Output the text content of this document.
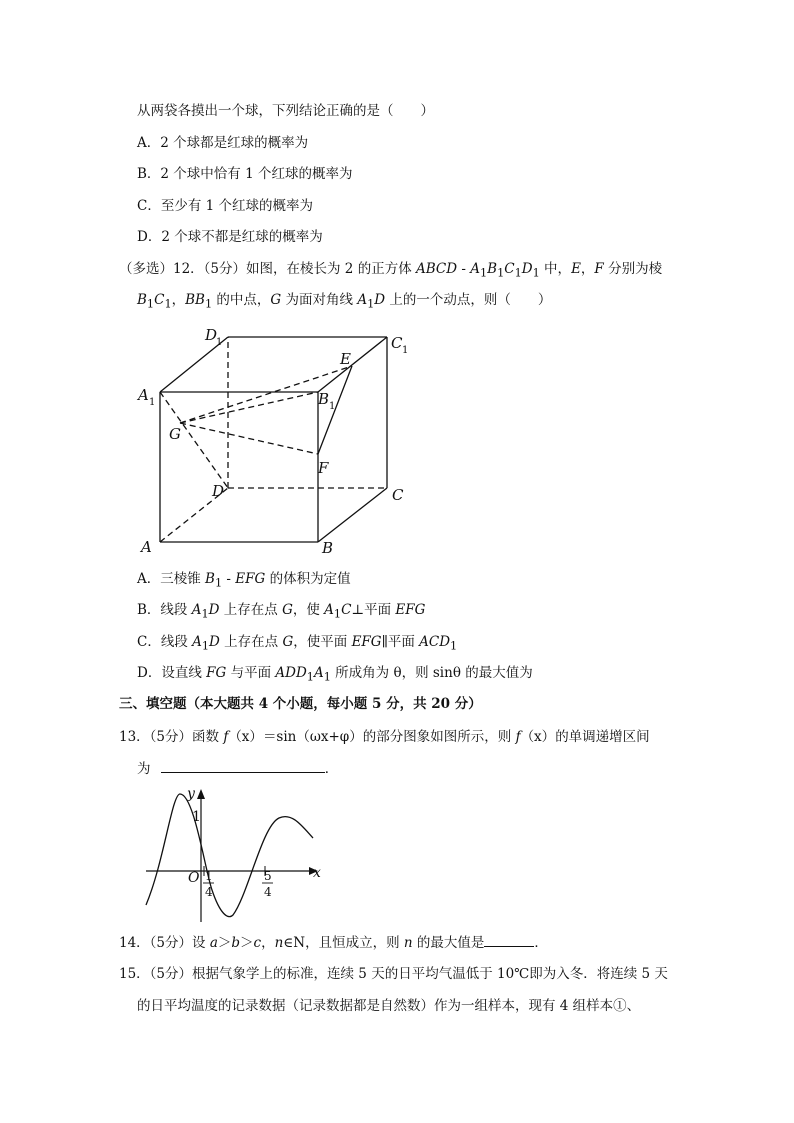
从两袋各摸出一个球，下列结论正确的是（　　）
A．2 个球都是红球的概率为
B．2 个球中恰有 1 个红球的概率为
C．至少有 1 个红球的概率为
D．2 个球不都是红球的概率为
（多选）12．（5分）如图，在棱长为 2 的正方体 ABCD - $A_1B_1C_1D_1$ 中，E，F 分别为棱
$B_1C_1$，$BB_1$ 的中点，G 为面对角线 $A_1D$ 上的一个动点，则（　　）
D
1	C 1
A 1	B 1
E
G
F
D	C
A	B
y
1
x
O 1
4
5
4
A．三棱锥 $B_1$ - EFG 的体积为定值
B．线段 $A_1D$ 上存在点 G，使 $A_1C\perp$平面 EFG
C．线段 $A_1D$ 上存在点 G，使平面 EFG∥平面 $ACD_1$
D．设直线 FG 与平面 $ADD_1A_1$ 所成角为 θ，则 sinθ 的最大值为
三、填空题（本大题共 4 个小题，每小题 5 分，共 20 分）
13．（5分）函数 f（x）＝sin（ωx+φ）的部分图象如图所示，则 f（x）的单调递增区间
为	．
14．（5分）设 a＞b＞c，n∈N，且恒成立，则 n 的最大值是	．
15．（5分）根据气象学上的标准，连续 5 天的日平均气温低于 10℃即为入冬．将连续 5 天
的日平均温度的记录数据（记录数据都是自然数）作为一组样本，现有 4 组样本①、
